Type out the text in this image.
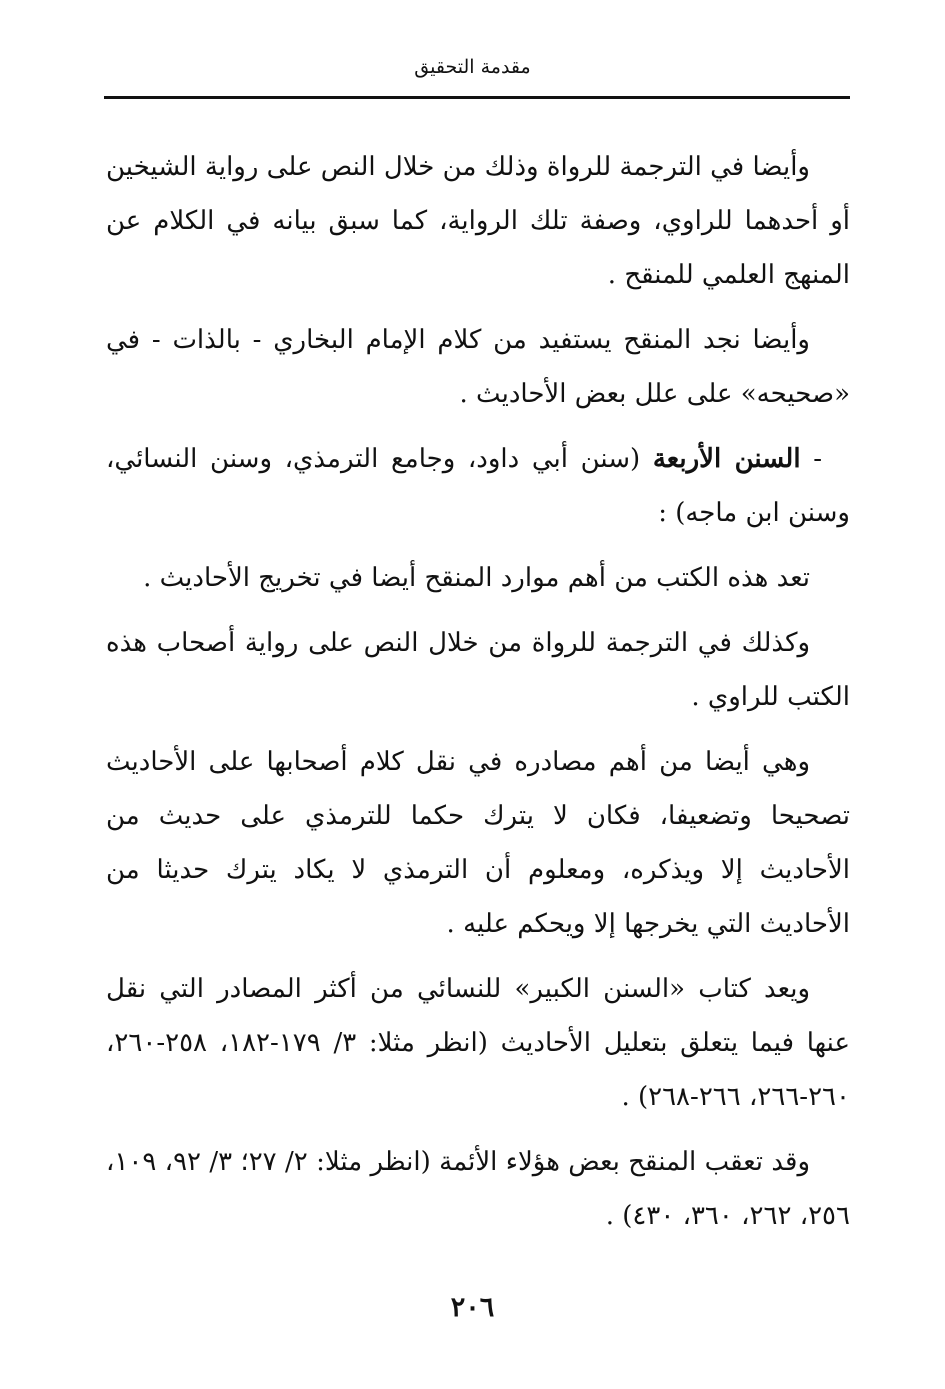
مقدمة التحقيق

وأيضا في الترجمة للرواة وذلك من خلال النص على رواية الشيخين أو أحدهما للراوي، وصفة تلك الرواية، كما سبق بيانه في الكلام عن المنهج العلمي للمنقح .

وأيضا نجد المنقح يستفيد من كلام الإمام البخاري - بالذات - في «صحيحه» على علل بعض الأحاديث .

- السنن الأربعة (سنن أبي داود، وجامع الترمذي، وسنن النسائي، وسنن ابن ماجه) :

تعد هذه الكتب من أهم موارد المنقح أيضا في تخريج الأحاديث .

وكذلك في الترجمة للرواة من خلال النص على رواية أصحاب هذه الكتب للراوي .

وهي أيضا من أهم مصادره في نقل كلام أصحابها على الأحاديث تصحيحا وتضعيفا، فكان لا يترك حكما للترمذي على حديث من الأحاديث إلا ويذكره، ومعلوم أن الترمذي لا يكاد يترك حديثا من الأحاديث التي يخرجها إلا ويحكم عليه .

ويعد كتاب «السنن الكبير» للنسائي من أكثر المصادر التي نقل عنها فيما يتعلق بتعليل الأحاديث (انظر مثلا: ٣/ ١٧٩-١٨٢، ٢٥٨-٢٦٠، ٢٦٠-٢٦٦، ٢٦٦-٢٦٨) .

وقد تعقب المنقح بعض هؤلاء الأئمة (انظر مثلا: ٢/ ٢٧؛ ٣/ ٩٢، ١٠٩، ٢٥٦، ٢٦٢، ٣٦٠، ٤٣٠) .

٢٠٦
